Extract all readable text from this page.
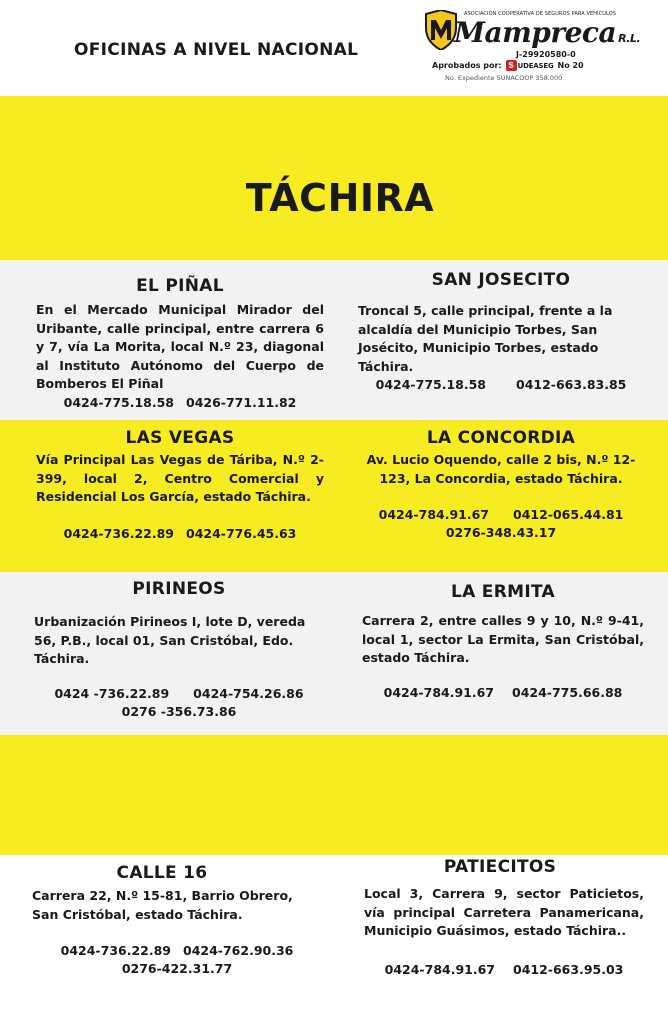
OFICINAS A NIVEL NACIONAL
ASOCIACIÓN COOPERATIVA DE SEGUROS PARA VEHÍCULOS
Mampreca R.L.
J-29920580-0
Aprobados por: S UDEASEG No 20
No. Expediente SUNACOOP 358.000
TÁCHIRA
EL PIÑAL
En el Mercado Municipal Mirador del Uribante, calle principal, entre carrera 6 y 7, vía La Morita, local N.º 23, diagonal al Instituto Autónomo del Cuerpo de Bomberos El Piñal
0424-775.18.58 0426-771.11.82
SAN JOSECITO
Troncal 5, calle principal, frente a la alcaldía del Municipio Torbes, San Josécito, Municipio Torbes, estado Táchira.
0424-775.18.58 0412-663.83.85
LAS VEGAS
Vía Principal Las Vegas de Táriba, N.º 2-399, local 2, Centro Comercial y Residencial Los García, estado Táchira.
0424-736.22.89 0424-776.45.63
LA CONCORDIA
Av. Lucio Oquendo, calle 2 bis, N.º 12-123, La Concordia, estado Táchira.
0424-784.91.67 0412-065.44.81
0276-348.43.17
PIRINEOS
Urbanización Pirineos I, lote D, vereda 56, P.B., local 01, San Cristóbal, Edo. Táchira.
0424 -736.22.89 0424-754.26.86
0276 -356.73.86
LA ERMITA
Carrera 2, entre calles 9 y 10, N.º 9-41, local 1, sector La Ermita, San Cristóbal, estado Táchira.
0424-784.91.67 0424-775.66.88
CALLE 16
Carrera 22, N.º 15-81, Barrio Obrero, San Cristóbal, estado Táchira.
0424-736.22.89 0424-762.90.36
0276-422.31.77
PATIECITOS
Local 3, Carrera 9, sector Paticietos, vía principal Carretera Panamericana, Municipio Guásimos, estado Táchira..
0424-784.91.67 0412-663.95.03
